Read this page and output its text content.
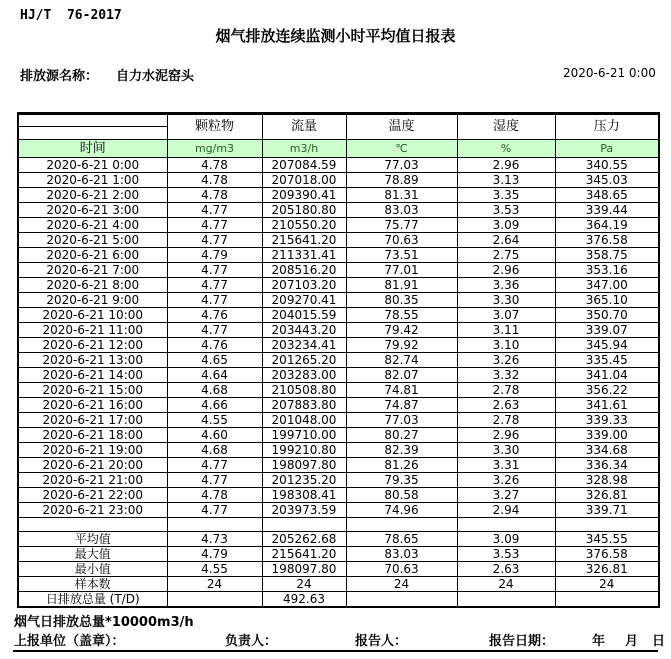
HJ/T  76-2017
烟气排放连续监测小时平均值日报表
排放源名称： 自力水泥窑头	2020-6-21 0:00
	颗粒物	流量	温度	湿度	压力

时间	mg/m3	m3/h	℃	%	Pa
2020-6-21 0:00	4.78	207084.59	77.03	2.96	340.55
2020-6-21 1:00	4.78	207018.00	78.89	3.13	345.03
2020-6-21 2:00	4.78	209390.41	81.31	3.35	348.65
2020-6-21 3:00	4.77	205180.80	83.03	3.53	339.44
2020-6-21 4:00	4.77	210550.20	75.77	3.09	364.19
2020-6-21 5:00	4.77	215641.20	70.63	2.64	376.58
2020-6-21 6:00	4.79	211331.41	73.51	2.75	358.75
2020-6-21 7:00	4.77	208516.20	77.01	2.96	353.16
2020-6-21 8:00	4.77	207103.20	81.91	3.36	347.00
2020-6-21 9:00	4.77	209270.41	80.35	3.30	365.10
2020-6-21 10:00	4.76	204015.59	78.55	3.07	350.70
2020-6-21 11:00	4.77	203443.20	79.42	3.11	339.07
2020-6-21 12:00	4.76	203234.41	79.92	3.10	345.94
2020-6-21 13:00	4.65	201265.20	82.74	3.26	335.45
2020-6-21 14:00	4.64	203283.00	82.07	3.32	341.04
2020-6-21 15:00	4.68	210508.80	74.81	2.78	356.22
2020-6-21 16:00	4.66	207883.80	74.87	2.63	341.61
2020-6-21 17:00	4.55	201048.00	77.03	2.78	339.33
2020-6-21 18:00	4.60	199710.00	80.27	2.96	339.00
2020-6-21 19:00	4.68	199210.80	82.39	3.30	334.68
2020-6-21 20:00	4.77	198097.80	81.26	3.31	336.34
2020-6-21 21:00	4.77	201235.20	79.35	3.26	328.98
2020-6-21 22:00	4.78	198308.41	80.58	3.27	326.81
2020-6-21 23:00	4.77	203973.59	74.96	2.94	339.71

平均值	4.73	205262.68	78.65	3.09	345.55
最大值	4.79	215641.20	83.03	3.53	376.58
最小值	4.55	198097.80	70.63	2.63	326.81
样本数	24	24	24	24	24
日排放总量 (T/D)		492.63			
烟气日排放总量*10000m3/h
上报单位（盖章）：	负责人：	报告人：	报告日期：	年 月 日
